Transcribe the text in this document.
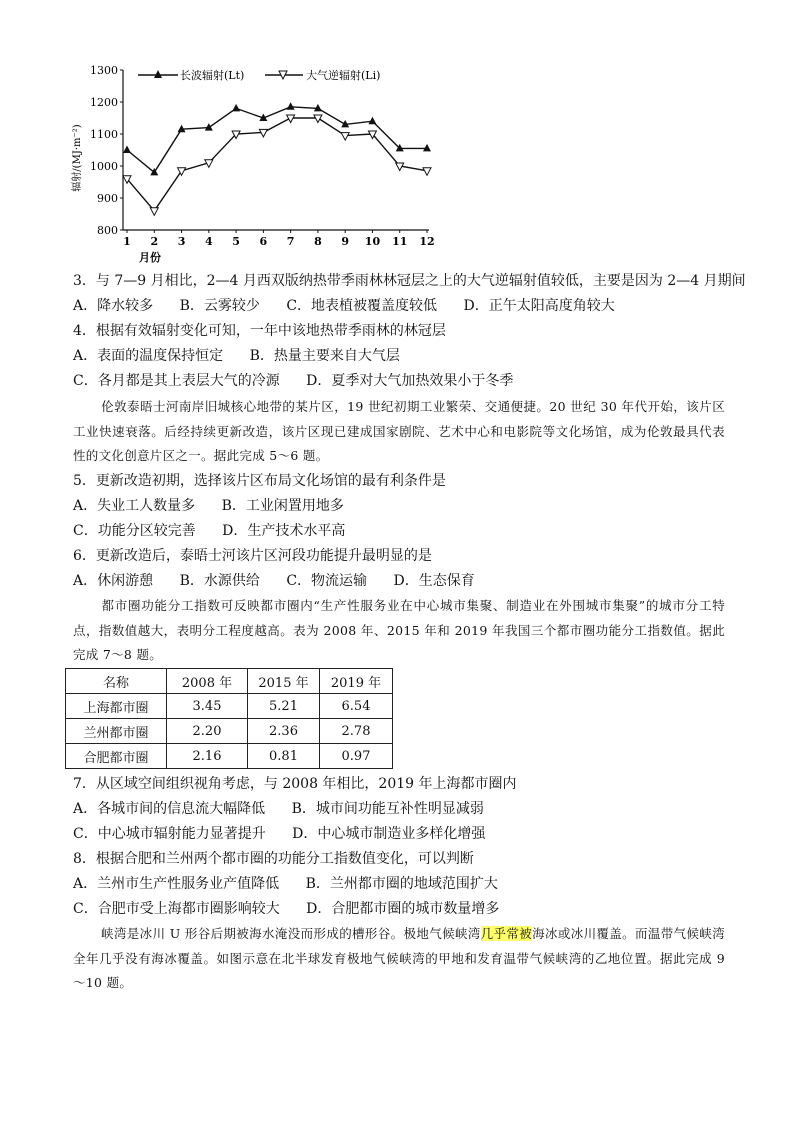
800
900
1000
1100
1200
1300
1 2 3 4 5 6 7 8 9 10 11 12
辐射/(MJ·m⁻²)
月份
长波辐射(Lt)	大气逆辐射(Li)
3．与 7—9 月相比，2—4 月西双版纳热带季雨林林冠层之上的大气逆辐射值较低，主要是因为 2—4 月期间
A．降水较多 B．云雾较少 C．地表植被覆盖度较低 D．正午太阳高度角较大
4．根据有效辐射变化可知，一年中该地热带季雨林的林冠层
A．表面的温度保持恒定 B．热量主要来自大气层
C．各月都是其上表层大气的冷源 D．夏季对大气加热效果小于冬季
伦敦泰晤士河南岸旧城核心地带的某片区，19 世纪初期工业繁荣、交通便捷。20 世纪 30 年代开始，该片区工业快速衰落。后经持续更新改造，该片区现已建成国家剧院、艺术中心和电影院等文化场馆，成为伦敦最具代表性的文化创意片区之一。据此完成 5～6 题。
5．更新改造初期，选择该片区布局文化场馆的最有利条件是
A．失业工人数量多 B．工业闲置用地多
C．功能分区较完善 D．生产技术水平高
6．更新改造后，泰晤士河该片区河段功能提升最明显的是
A．休闲游憩 B．水源供给 C．物流运输 D．生态保育
都市圈功能分工指数可反映都市圈内“生产性服务业在中心城市集聚、制造业在外围城市集聚”的城市分工特点，指数值越大，表明分工程度越高。表为 2008 年、2015 年和 2019 年我国三个都市圈功能分工指数值。据此完成 7～8 题。
名称	2008 年	2015 年	2019 年
上海都市圈	3.45	5.21	6.54
兰州都市圈	2.20	2.36	2.78
合肥都市圈	2.16	0.81	0.97
7．从区域空间组织视角考虑，与 2008 年相比，2019 年上海都市圈内
A．各城市间的信息流大幅降低 B．城市间功能互补性明显减弱
C．中心城市辐射能力显著提升 D．中心城市制造业多样化增强
8．根据合肥和兰州两个都市圈的功能分工指数值变化，可以判断
A．兰州市生产性服务业产值降低 B．兰州都市圈的地域范围扩大
C．合肥市受上海都市圈影响较大 D．合肥都市圈的城市数量增多
峡湾是冰川 U 形谷后期被海水淹没而形成的槽形谷。极地气候峡湾几乎常被海冰或冰川覆盖。而温带气候峡湾全年几乎没有海冰覆盖。如图示意在北半球发育极地气候峡湾的甲地和发育温带气候峡湾的乙地位置。据此完成 9～10 题。
